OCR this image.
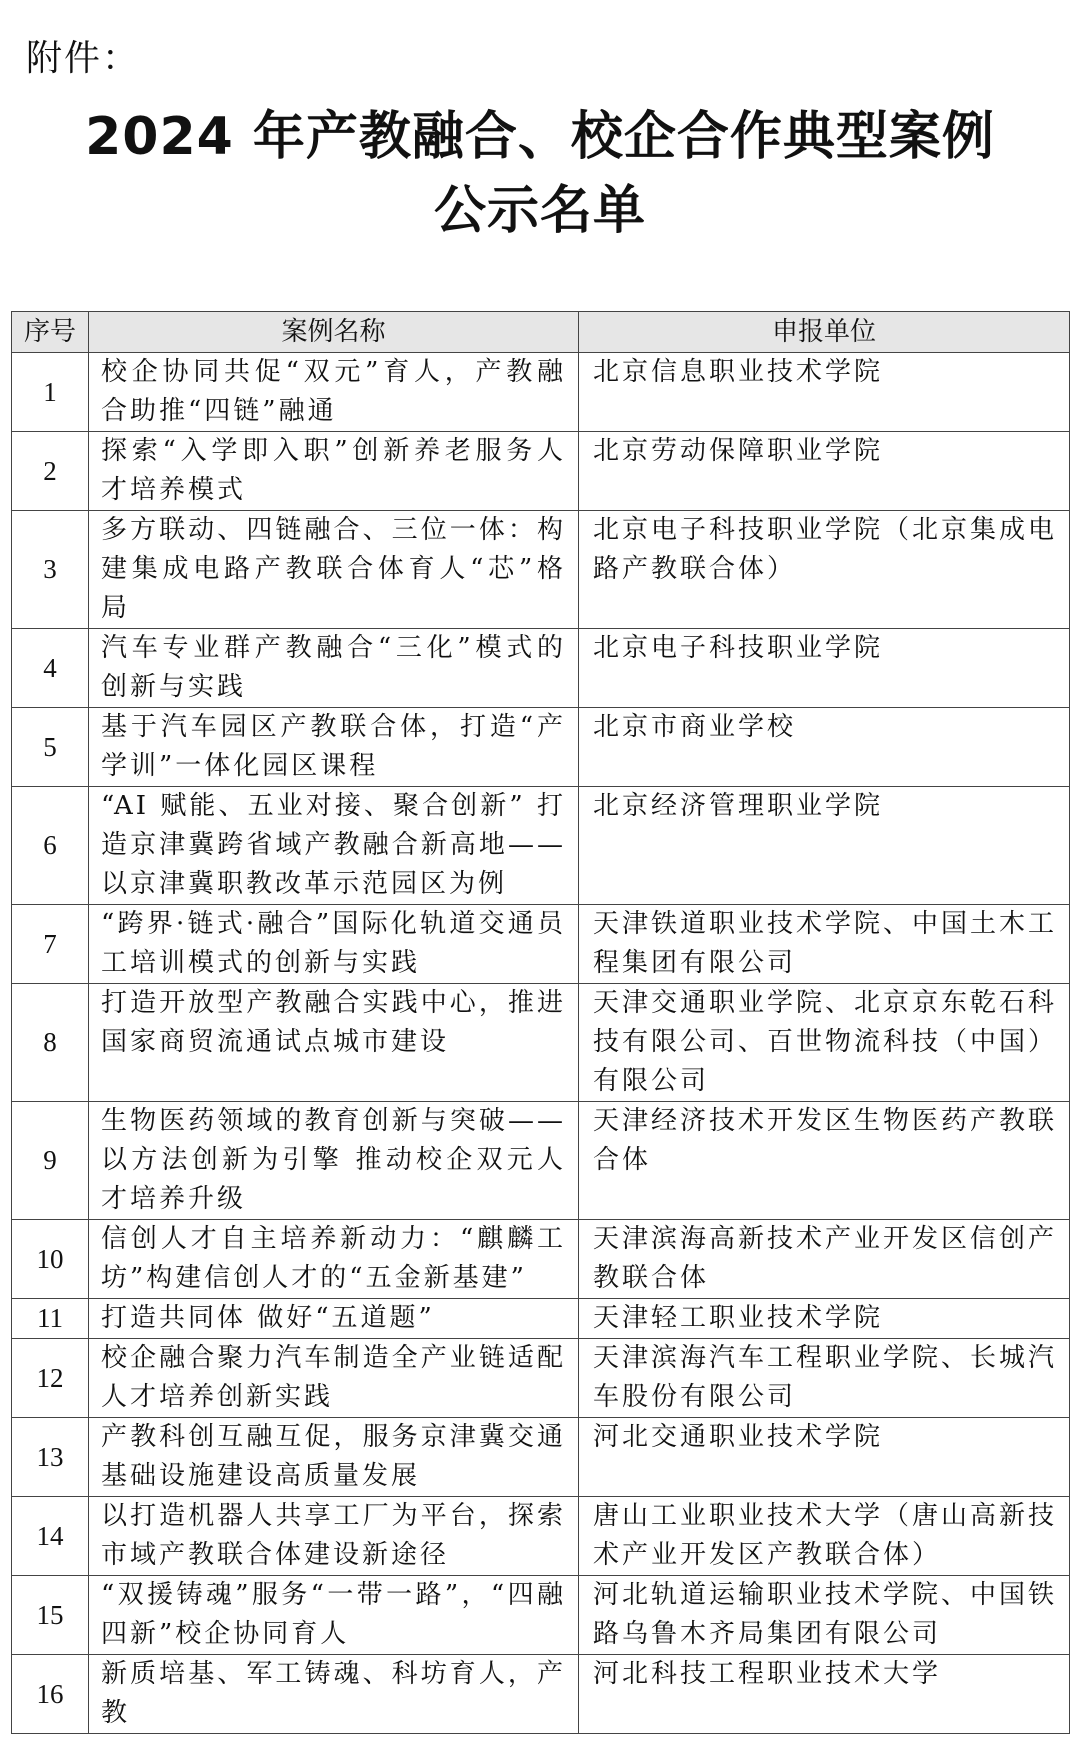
附件：
2024 年产教融合、校企合作典型案例
公示名单
序号	案例名称	申报单位
1	校企协同共促“双元”育人，产教融合助推“四链”融通	北京信息职业技术学院
2	探索“入学即入职”创新养老服务人才培养模式	北京劳动保障职业学院
3	多方联动、四链融合、三位一体：构建集成电路产教联合体育人“芯”格局	北京电子科技职业学院（北京集成电路产教联合体）
4	汽车专业群产教融合“三化”模式的创新与实践	北京电子科技职业学院
5	基于汽车园区产教联合体，打造“产学训”一体化园区课程	北京市商业学校
6	“AI 赋能、五业对接、聚合创新” 打造京津冀跨省域产教融合新高地——以京津冀职教改革示范园区为例	北京经济管理职业学院
7	“跨界·链式·融合”国际化轨道交通员工培训模式的创新与实践	天津铁道职业技术学院、中国土木工程集团有限公司
8	打造开放型产教融合实践中心，推进国家商贸流通试点城市建设	天津交通职业学院、北京京东乾石科技有限公司、百世物流科技（中国）有限公司
9	生物医药领域的教育创新与突破——以方法创新为引擎 推动校企双元人才培养升级	天津经济技术开发区生物医药产教联合体
10	信创人才自主培养新动力：“麒麟工坊”构建信创人才的“五金新基建”	天津滨海高新技术产业开发区信创产教联合体
11	打造共同体 做好“五道题”	天津轻工职业技术学院
12	校企融合聚力汽车制造全产业链适配人才培养创新实践	天津滨海汽车工程职业学院、长城汽车股份有限公司
13	产教科创互融互促，服务京津冀交通基础设施建设高质量发展	河北交通职业技术学院
14	以打造机器人共享工厂为平台，探索市域产教联合体建设新途径	唐山工业职业技术大学（唐山高新技术产业开发区产教联合体）
15	“双援铸魂”服务“一带一路”，“四融四新”校企协同育人	河北轨道运输职业技术学院、中国铁路乌鲁木齐局集团有限公司
16	新质培基、军工铸魂、科坊育人，产教	河北科技工程职业技术大学
